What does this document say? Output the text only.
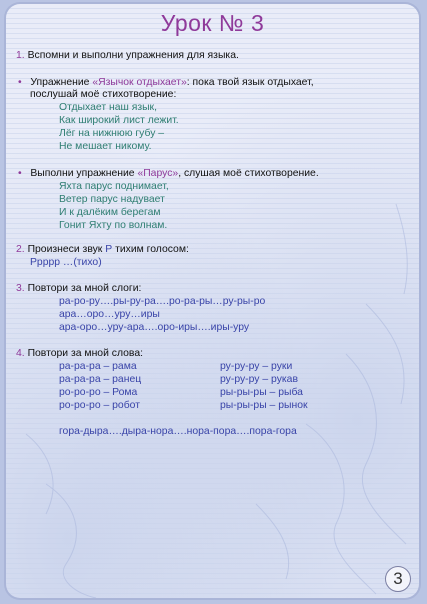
Урок № 3
1. Вспомни и выполни упражнения для языка.
• Упражнение «Язычок отдыхает»: пока твой язык отдыхает,
послушай моё стихотворение:
Отдыхает наш язык,
Как широкий лист лежит.
Лёг на нижнюю губу –
Не мешает никому.
• Выполни упражнение «Парус», слушая моё стихотворение.
Яхта парус поднимает,
Ветер парус надувает
И к далёким берегам
Гонит Яхту по волнам.
2. Произнеси звук Р тихим голосом:
Ррррр …(тихо)
3. Повтори за мной слоги:
ра-ро-ру….ры-ру-ра….ро-ра-ры…ру-ры-ро
ара…оро…уру…иры
ара-оро…уру-ара….оро-иры….иры-уру
4. Повтори за мной слова:
ра-ра-ра – рама
ра-ра-ра – ранец
ро-ро-ро – Рома
ро-ро-ро – робот
ру-ру-ру – руки
ру-ру-ру – рукав
ры-ры-ры – рыба
ры-ры-ры – рынок
гора-дыра….дыра-нора….нора-пора….пора-гора
3
